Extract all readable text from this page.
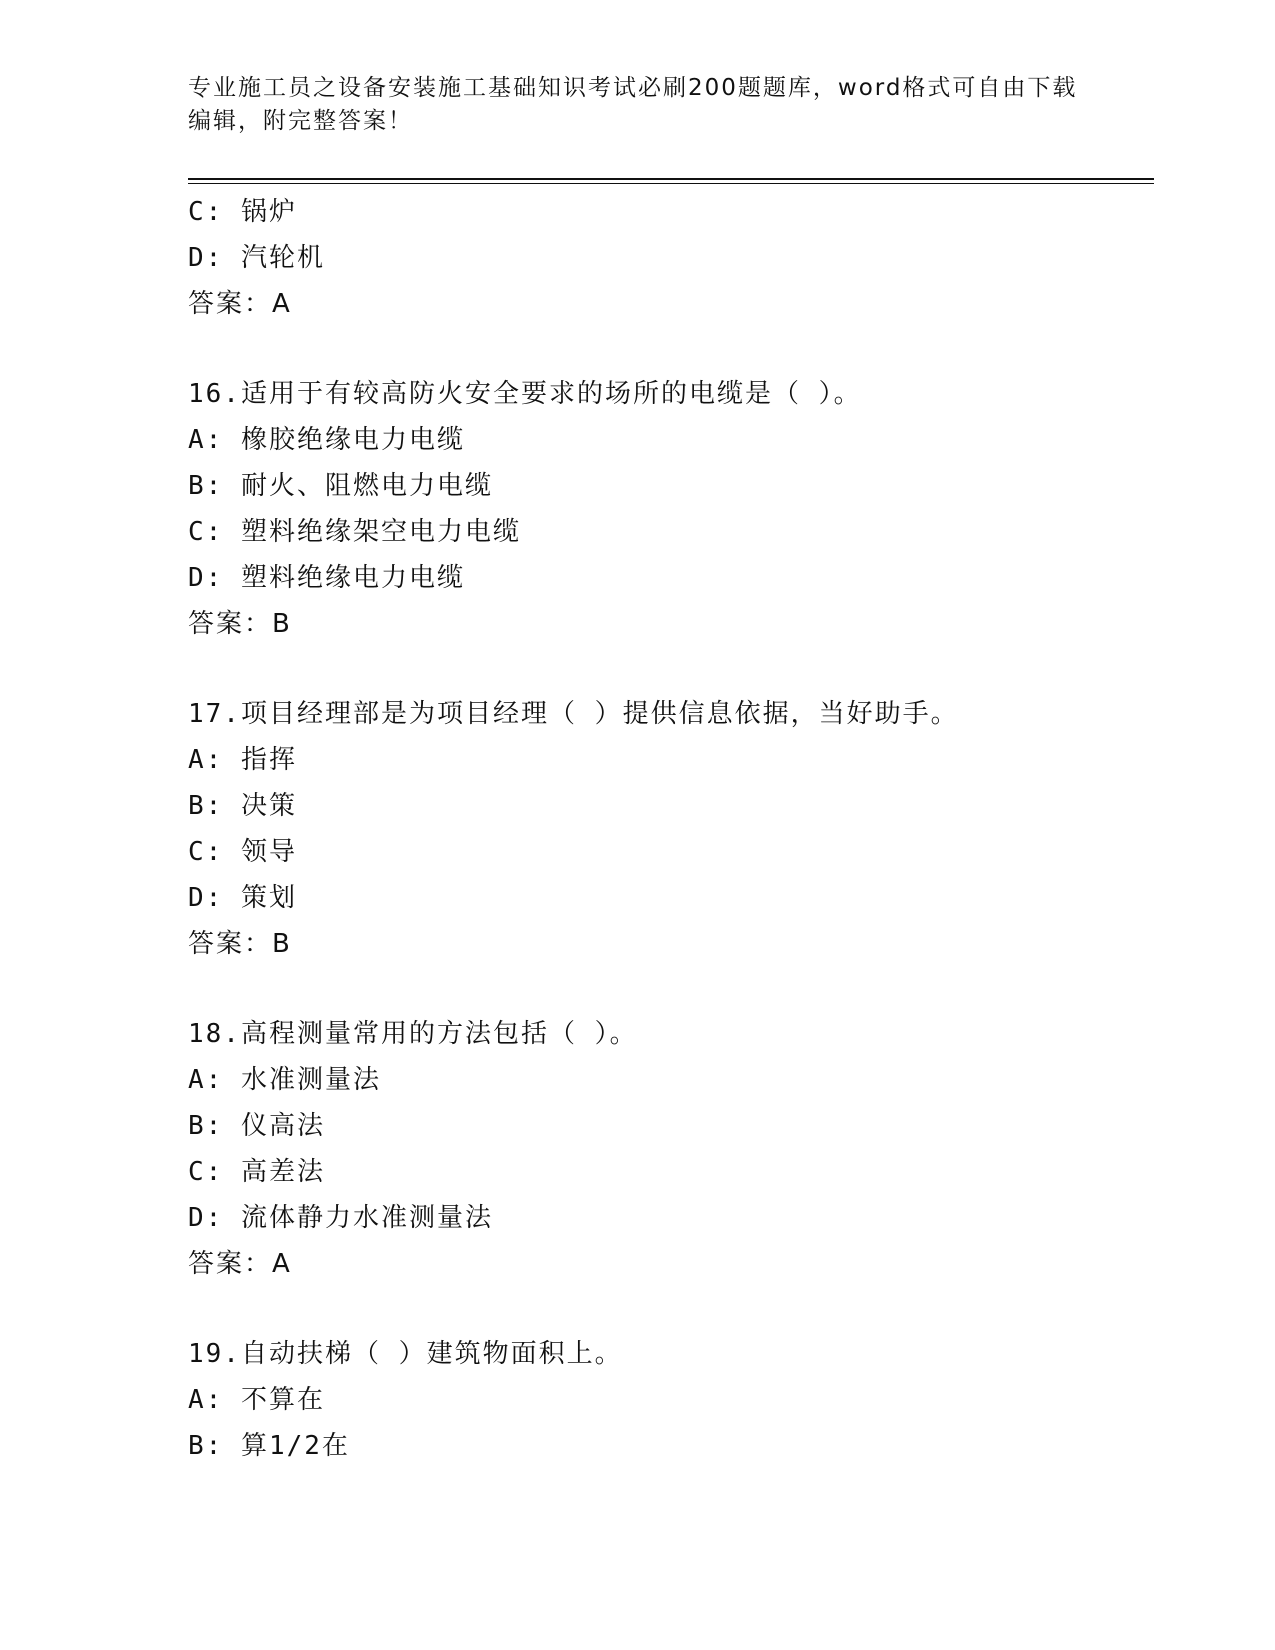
专业施工员之设备安装施工基础知识考试必刷200题题库，word格式可自由下载
编辑，附完整答案！
C: 锅炉
D: 汽轮机
答案：A
16.适用于有较高防火安全要求的场所的电缆是（ ）。
A: 橡胶绝缘电力电缆
B: 耐火、阻燃电力电缆
C: 塑料绝缘架空电力电缆
D: 塑料绝缘电力电缆
答案：B
17.项目经理部是为项目经理（ ）提供信息依据，当好助手。
A: 指挥
B: 决策
C: 领导
D: 策划
答案：B
18.高程测量常用的方法包括（ ）。
A: 水准测量法
B: 仪高法
C: 高差法
D: 流体静力水准测量法
答案：A
19.自动扶梯（ ）建筑物面积上。
A: 不算在
B: 算1/2在
